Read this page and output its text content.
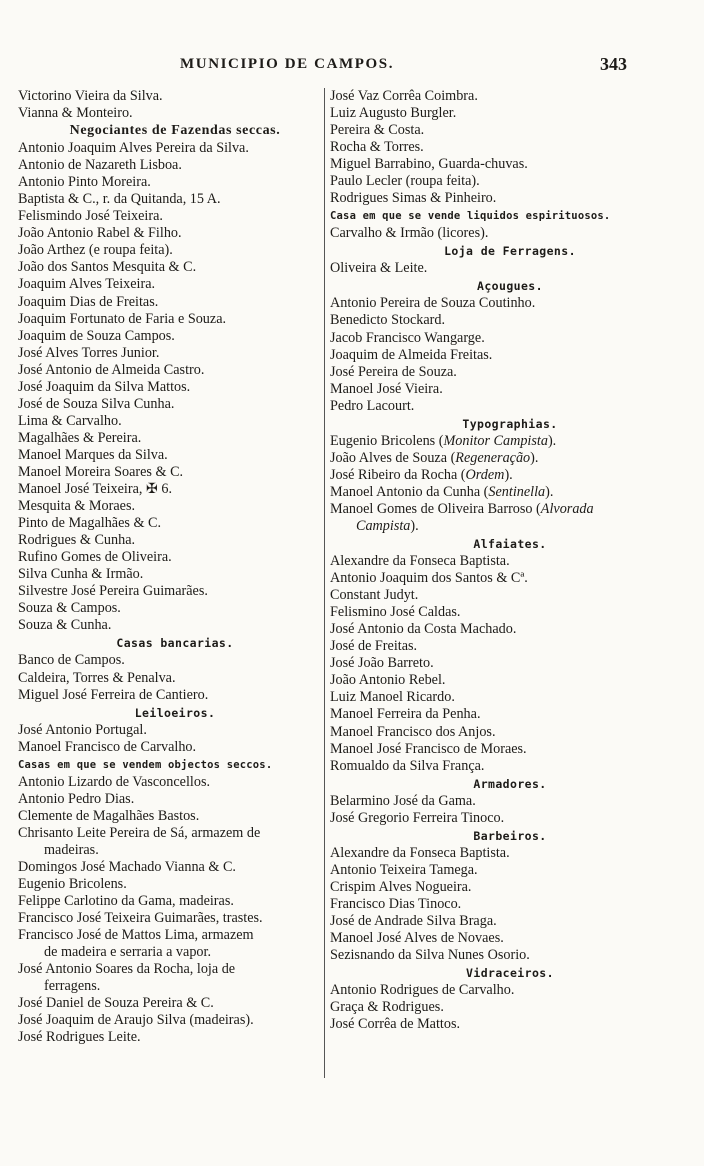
MUNICIPIO DE CAMPOS.	343
Victorino Vieira da Silva.
Vianna & Monteiro.
Negociantes de Fazendas seccas.
Antonio Joaquim Alves Pereira da Silva.
Antonio de Nazareth Lisboa.
Antonio Pinto Moreira.
Baptista & C., r. da Quitanda, 15 A.
Felismindo José Teixeira.
João Antonio Rabel & Filho.
João Arthez (e roupa feita).
João dos Santos Mesquita & C.
Joaquim Alves Teixeira.
Joaquim Dias de Freitas.
Joaquim Fortunato de Faria e Souza.
Joaquim de Souza Campos.
José Alves Torres Junior.
José Antonio de Almeida Castro.
José Joaquim da Silva Mattos.
José de Souza Silva Cunha.
Lima & Carvalho.
Magalhães & Pereira.
Manoel Marques da Silva.
Manoel Moreira Soares & C.
Manoel José Teixeira, ✠ 6.
Mesquita & Moraes.
Pinto de Magalhães & C.
Rodrigues & Cunha.
Rufino Gomes de Oliveira.
Silva Cunha & Irmão.
Silvestre José Pereira Guimarães.
Souza & Campos.
Souza & Cunha.
Casas bancarias.
Banco de Campos.
Caldeira, Torres & Penalva.
Miguel José Ferreira de Cantiero.
Leiloeiros.
José Antonio Portugal.
Manoel Francisco de Carvalho.
Casas em que se vendem objectos seccos.
Antonio Lizardo de Vasconcellos.
Antonio Pedro Dias.
Clemente de Magalhães Bastos.
Chrisanto Leite Pereira de Sá, armazem de
madeiras.
Domingos José Machado Vianna & C.
Eugenio Bricolens.
Felippe Carlotino da Gama, madeiras.
Francisco José Teixeira Guimarães, trastes.
Francisco José de Mattos Lima, armazem
de madeira e serraria a vapor.
José Antonio Soares da Rocha, loja de
ferragens.
José Daniel de Souza Pereira & C.
José Joaquim de Araujo Silva (madeiras).
José Rodrigues Leite.
José Vaz Corrêa Coimbra.
Luiz Augusto Burgler.
Pereira & Costa.
Rocha & Torres.
Miguel Barrabino, Guarda-chuvas.
Paulo Lecler (roupa feita).
Rodrigues Simas & Pinheiro.
Casa em que se vende liquidos espirituosos.
Carvalho & Irmão (licores).
Loja de Ferragens.
Oliveira & Leite.
Açougues.
Antonio Pereira de Souza Coutinho.
Benedicto Stockard.
Jacob Francisco Wangarge.
Joaquim de Almeida Freitas.
José Pereira de Souza.
Manoel José Vieira.
Pedro Lacourt.
Typographias.
Eugenio Bricolens (Monitor Campista).
João Alves de Souza (Regeneração).
José Ribeiro da Rocha (Ordem).
Manoel Antonio da Cunha (Sentinella).
Manoel Gomes de Oliveira Barroso (Alvorada
Campista).
Alfaiates.
Alexandre da Fonseca Baptista.
Antonio Joaquim dos Santos & Cª.
Constant Judyt.
Felismino José Caldas.
José Antonio da Costa Machado.
José de Freitas.
José João Barreto.
João Antonio Rebel.
Luiz Manoel Ricardo.
Manoel Ferreira da Penha.
Manoel Francisco dos Anjos.
Manoel José Francisco de Moraes.
Romualdo da Silva França.
Armadores.
Belarmino José da Gama.
José Gregorio Ferreira Tinoco.
Barbeiros.
Alexandre da Fonseca Baptista.
Antonio Teixeira Tamega.
Crispim Alves Nogueira.
Francisco Dias Tinoco.
José de Andrade Silva Braga.
Manoel José Alves de Novaes.
Sezisnando da Silva Nunes Osorio.
Vidraceiros.
Antonio Rodrigues de Carvalho.
Graça & Rodrigues.
José Corrêa de Mattos.
